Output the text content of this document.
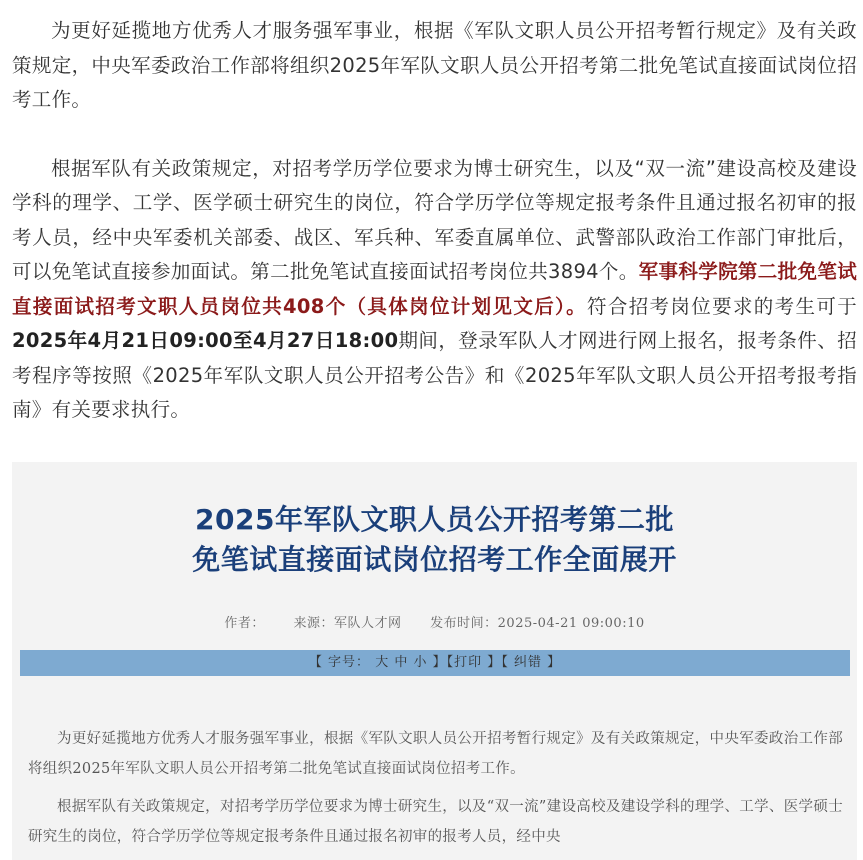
为更好延揽地方优秀人才服务强军事业，根据《军队文职人员公开招考暂行规定》及有关政策规定，中央军委政治工作部将组织2025年军队文职人员公开招考第二批免笔试直接面试岗位招考工作。

根据军队有关政策规定，对招考学历学位要求为博士研究生，以及“双一流”建设高校及建设学科的理学、工学、医学硕士研究生的岗位，符合学历学位等规定报考条件且通过报名初审的报考人员，经中央军委机关部委、战区、军兵种、军委直属单位、武警部队政治工作部门审批后，可以免笔试直接参加面试。第二批免笔试直接面试招考岗位共3894个。军事科学院第二批免笔试直接面试招考文职人员岗位共408个（具体岗位计划见文后）。符合招考岗位要求的考生可于2025年4月21日09:00至4月27日18:00期间，登录军队人才网进行网上报名，报考条件、招考程序等按照《2025年军队文职人员公开招考公告》和《2025年军队文职人员公开招考报考指南》有关要求执行。

2025年军队文职人员公开招考第二批
免笔试直接面试岗位招考工作全面展开
作者： 来源：军队人才网 发布时间：2025-04-21 09:00:10
【 字号： 大 中 小 】【打印 】【 纠错 】

为更好延揽地方优秀人才服务强军事业，根据《军队文职人员公开招考暂行规定》及有关政策规定，中央军委政治工作部将组织2025年军队文职人员公开招考第二批免笔试直接面试岗位招考工作。

根据军队有关政策规定，对招考学历学位要求为博士研究生，以及“双一流”建设高校及建设学科的理学、工学、医学硕士研究生的岗位，符合学历学位等规定报考条件且通过报名初审的报考人员，经中央
